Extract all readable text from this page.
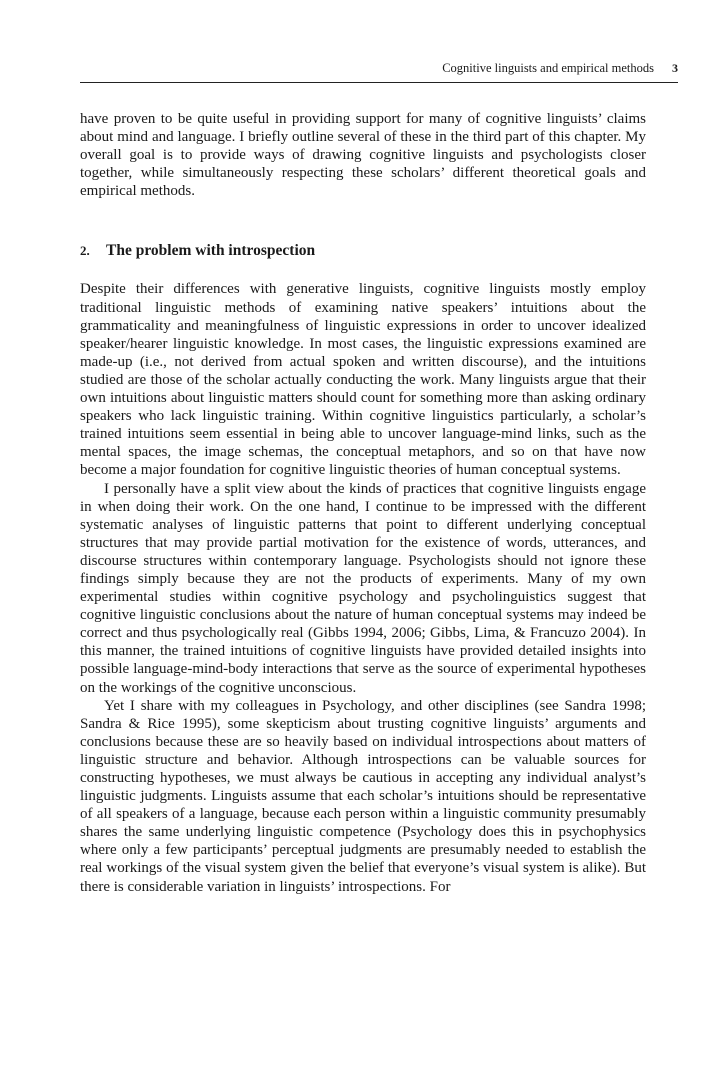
Cognitive linguists and empirical methods 3

have proven to be quite useful in providing support for many of cognitive linguists’ claims about mind and language. I briefly outline several of these in the third part of this chapter. My overall goal is to provide ways of drawing cognitive linguists and psychologists closer together, while simultaneously respecting these scholars’ different theoretical goals and empirical methods.

2. The problem with introspection

Despite their differences with generative linguists, cognitive linguists mostly employ traditional linguistic methods of examining native speakers’ intuitions about the grammaticality and meaningfulness of linguistic expressions in order to uncover idealized speaker/hearer linguistic knowledge. In most cases, the linguistic expressions examined are made-up (i.e., not derived from actual spoken and written discourse), and the intuitions studied are those of the scholar actually conducting the work. Many linguists argue that their own intuitions about linguistic matters should count for something more than asking ordinary speakers who lack linguistic training. Within cognitive linguistics particularly, a scholar’s trained intuitions seem essential in being able to uncover language-mind links, such as the mental spaces, the image schemas, the conceptual metaphors, and so on that have now become a major foundation for cognitive linguistic theories of human conceptual systems.

I personally have a split view about the kinds of practices that cognitive linguists engage in when doing their work. On the one hand, I continue to be impressed with the different systematic analyses of linguistic patterns that point to different underlying conceptual structures that may provide partial motivation for the existence of words, utterances, and discourse structures within contemporary language. Psychologists should not ignore these findings simply because they are not the products of experiments. Many of my own experimental studies within cognitive psychology and psycholinguistics suggest that cognitive linguistic conclusions about the nature of human conceptual systems may indeed be correct and thus psychologically real (Gibbs 1994, 2006; Gibbs, Lima, & Francuzo 2004). In this manner, the trained intuitions of cognitive linguists have provided detailed insights into possible language-mind-body interactions that serve as the source of experimental hypotheses on the workings of the cognitive unconscious.

Yet I share with my colleagues in Psychology, and other disciplines (see Sandra 1998; Sandra & Rice 1995), some skepticism about trusting cognitive linguists’ arguments and conclusions because these are so heavily based on individual introspections about matters of linguistic structure and behavior. Although introspections can be valuable sources for constructing hypotheses, we must always be cautious in accepting any individual analyst’s linguistic judgments. Linguists assume that each scholar’s intuitions should be representative of all speakers of a language, because each person within a linguistic community presumably shares the same underlying linguistic competence (Psychology does this in psychophysics where only a few participants’ perceptual judgments are presumably needed to establish the real workings of the visual system given the belief that everyone’s visual system is alike). But there is considerable variation in linguists’ introspections. For
